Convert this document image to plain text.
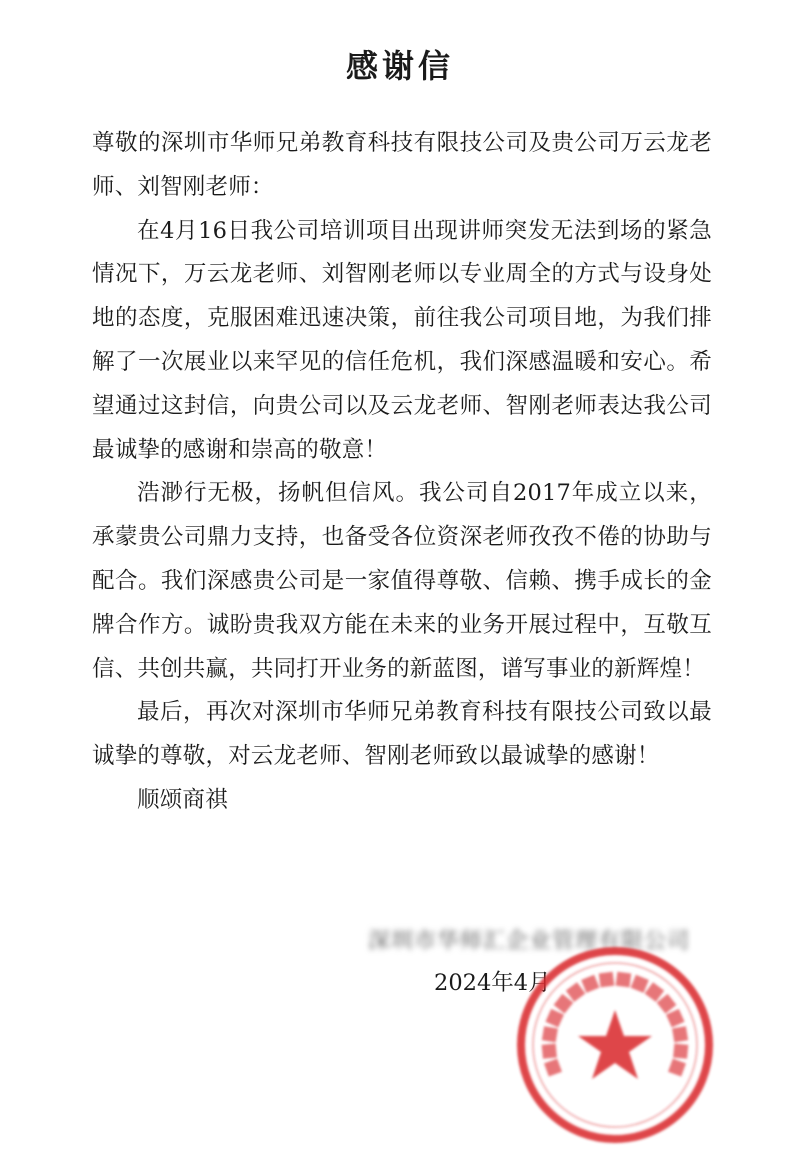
感谢信

尊敬的深圳市华师兄弟教育科技有限技公司及贵公司万云龙老师、刘智刚老师：

在4月16日我公司培训项目出现讲师突发无法到场的紧急情况下，万云龙老师、刘智刚老师以专业周全的方式与设身处地的态度，克服困难迅速决策，前往我公司项目地，为我们排解了一次展业以来罕见的信任危机，我们深感温暖和安心。希望通过这封信，向贵公司以及云龙老师、智刚老师表达我公司最诚挚的感谢和崇高的敬意！

浩渺行无极，扬帆但信风。我公司自2017年成立以来，承蒙贵公司鼎力支持，也备受各位资深老师孜孜不倦的协助与配合。我们深感贵公司是一家值得尊敬、信赖、携手成长的金牌合作方。诚盼贵我双方能在未来的业务开展过程中，互敬互信、共创共赢，共同打开业务的新蓝图，谱写事业的新辉煌！

最后，再次对深圳市华师兄弟教育科技有限技公司致以最诚挚的尊敬，对云龙老师、智刚老师致以最诚挚的感谢！

顺颂商祺

深圳市华师汇企业管理有限公司
2024年4月
